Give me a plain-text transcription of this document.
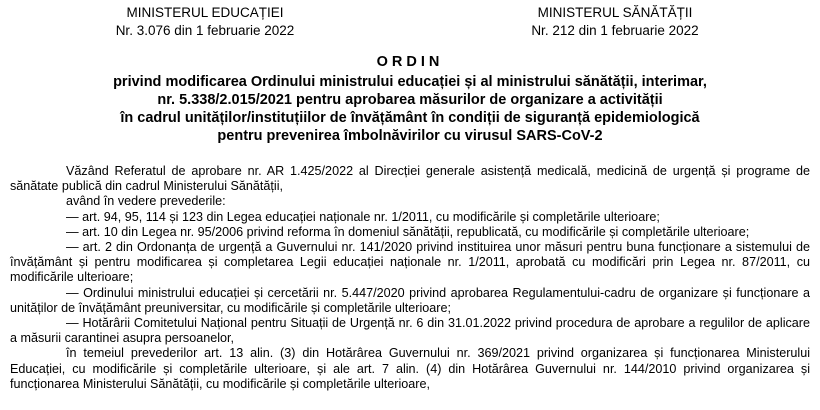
MINISTERUL EDUCAȚIEI
Nr. 3.076 din 1 februarie 2022
MINISTERUL SĂNĂTĂȚII
Nr. 212 din 1 februarie 2022
ORDIN
privind modificarea Ordinului ministrului educației și al ministrului sănătății, interimar,
nr. 5.338/2.015/2021 pentru aprobarea măsurilor de organizare a activității
în cadrul unităților/instituțiilor de învățământ în condiții de siguranță epidemiologică
pentru prevenirea îmbolnăvirilor cu virusul SARS-CoV-2

Văzând Referatul de aprobare nr. AR 1.425/2022 al Direcției generale asistență medicală, medicină de urgență și programe de sănătate publică din cadrul Ministerului Sănătății,

având în vedere prevederile:

— art. 94, 95, 114 și 123 din Legea educației naționale nr. 1/2011, cu modificările și completările ulterioare;

— art. 10 din Legea nr. 95/2006 privind reforma în domeniul sănătății, republicată, cu modificările și completările ulterioare;

— art. 2 din Ordonanța de urgență a Guvernului nr. 141/2020 privind instituirea unor măsuri pentru buna funcționare a sistemului de învățământ și pentru modificarea și completarea Legii educației naționale nr. 1/2011, aprobată cu modificări prin Legea nr. 87/2011, cu modificările ulterioare;

— Ordinului ministrului educației și cercetării nr. 5.447/2020 privind aprobarea Regulamentului-cadru de organizare și funcționare a unităților de învățământ preuniversitar, cu modificările și completările ulterioare;

— Hotărârii Comitetului Național pentru Situații de Urgență nr. 6 din 31.01.2022 privind procedura de aprobare a regulilor de aplicare a măsurii carantinei asupra persoanelor,

în temeiul prevederilor art. 13 alin. (3) din Hotărârea Guvernului nr. 369/2021 privind organizarea și funcționarea Ministerului Educației, cu modificările și completările ulterioare, și ale art. 7 alin. (4) din Hotărârea Guvernului nr. 144/2010 privind organizarea și funcționarea Ministerului Sănătății, cu modificările și completările ulterioare,
